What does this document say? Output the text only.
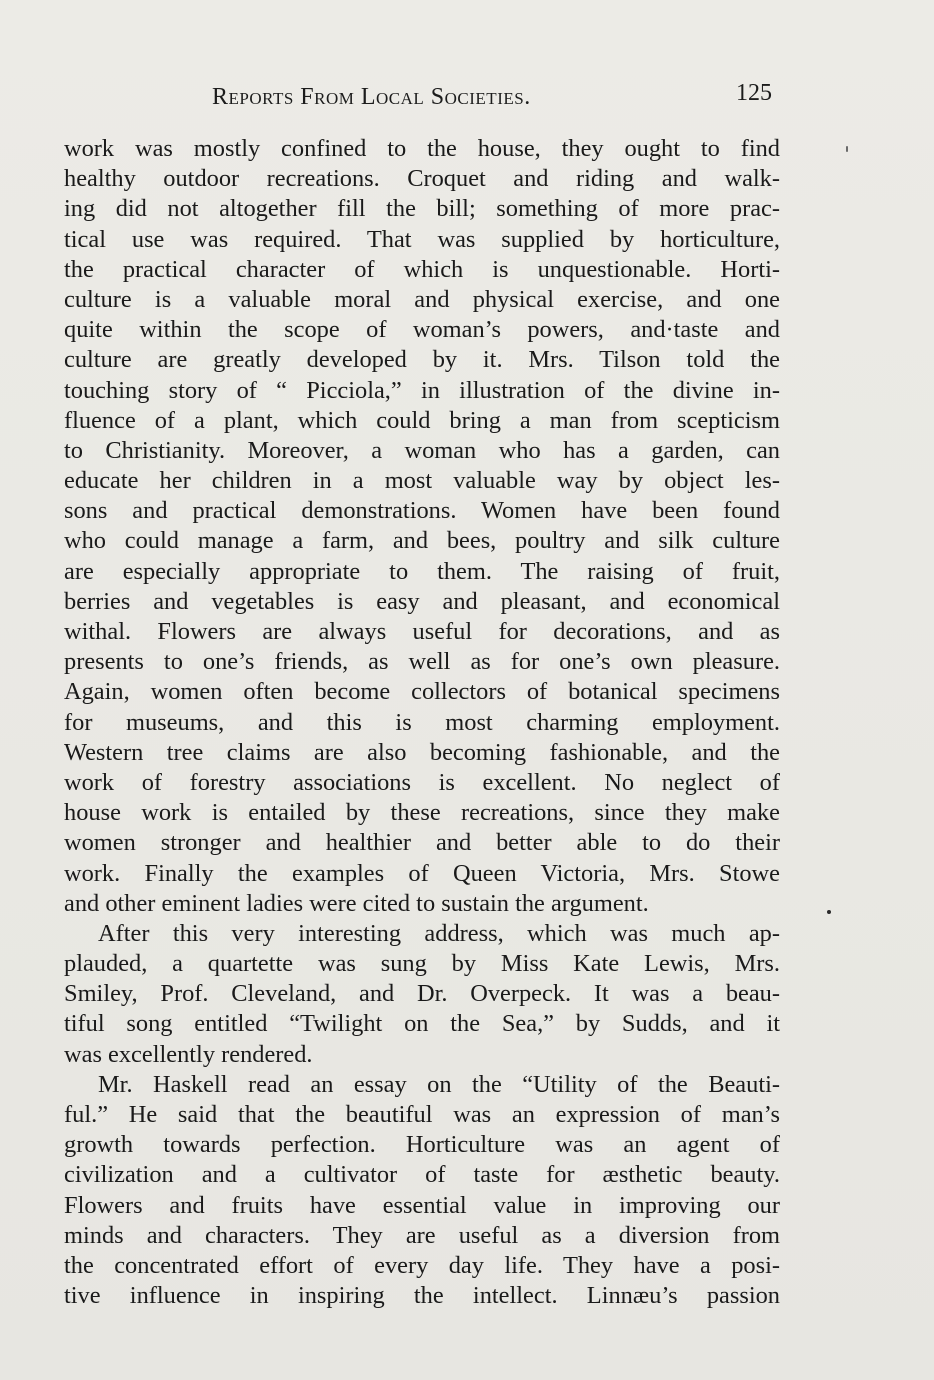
Reports From Local Societies.	125
work was mostly confined to the house, they ought to find
healthy outdoor recreations. Croquet and riding and walk-
ing did not altogether fill the bill; something of more prac-
tical use was required. That was supplied by horticulture,
the practical character of which is unquestionable. Horti-
culture is a valuable moral and physical exercise, and one
quite within the scope of woman’s powers, and·taste and
culture are greatly developed by it. Mrs. Tilson told the
touching story of “ Picciola,” in illustration of the divine in-
fluence of a plant, which could bring a man from scepticism
to Christianity. Moreover, a woman who has a garden, can
educate her children in a most valuable way by object les-
sons and practical demonstrations. Women have been found
who could manage a farm, and bees, poultry and silk culture
are especially appropriate to them. The raising of fruit,
berries and vegetables is easy and pleasant, and economical
withal. Flowers are always useful for decorations, and as
presents to one’s friends, as well as for one’s own pleasure.
Again, women often become collectors of botanical specimens
for museums, and this is most charming employment.
Western tree claims are also becoming fashionable, and the
work of forestry associations is excellent. No neglect of
house work is entailed by these recreations, since they make
women stronger and healthier and better able to do their
work. Finally the examples of Queen Victoria, Mrs. Stowe
and other eminent ladies were cited to sustain the argument.
After this very interesting address, which was much ap-
plauded, a quartette was sung by Miss Kate Lewis, Mrs.
Smiley, Prof. Cleveland, and Dr. Overpeck. It was a beau-
tiful song entitled “Twilight on the Sea,” by Sudds, and it
was excellently rendered.
Mr. Haskell read an essay on the “Utility of the Beauti-
ful.” He said that the beautiful was an expression of man’s
growth towards perfection. Horticulture was an agent of
civilization and a cultivator of taste for æsthetic beauty.
Flowers and fruits have essential value in improving our
minds and characters. They are useful as a diversion from
the concentrated effort of every day life. They have a posi-
tive influence in inspiring the intellect. Linnæu’s passion
